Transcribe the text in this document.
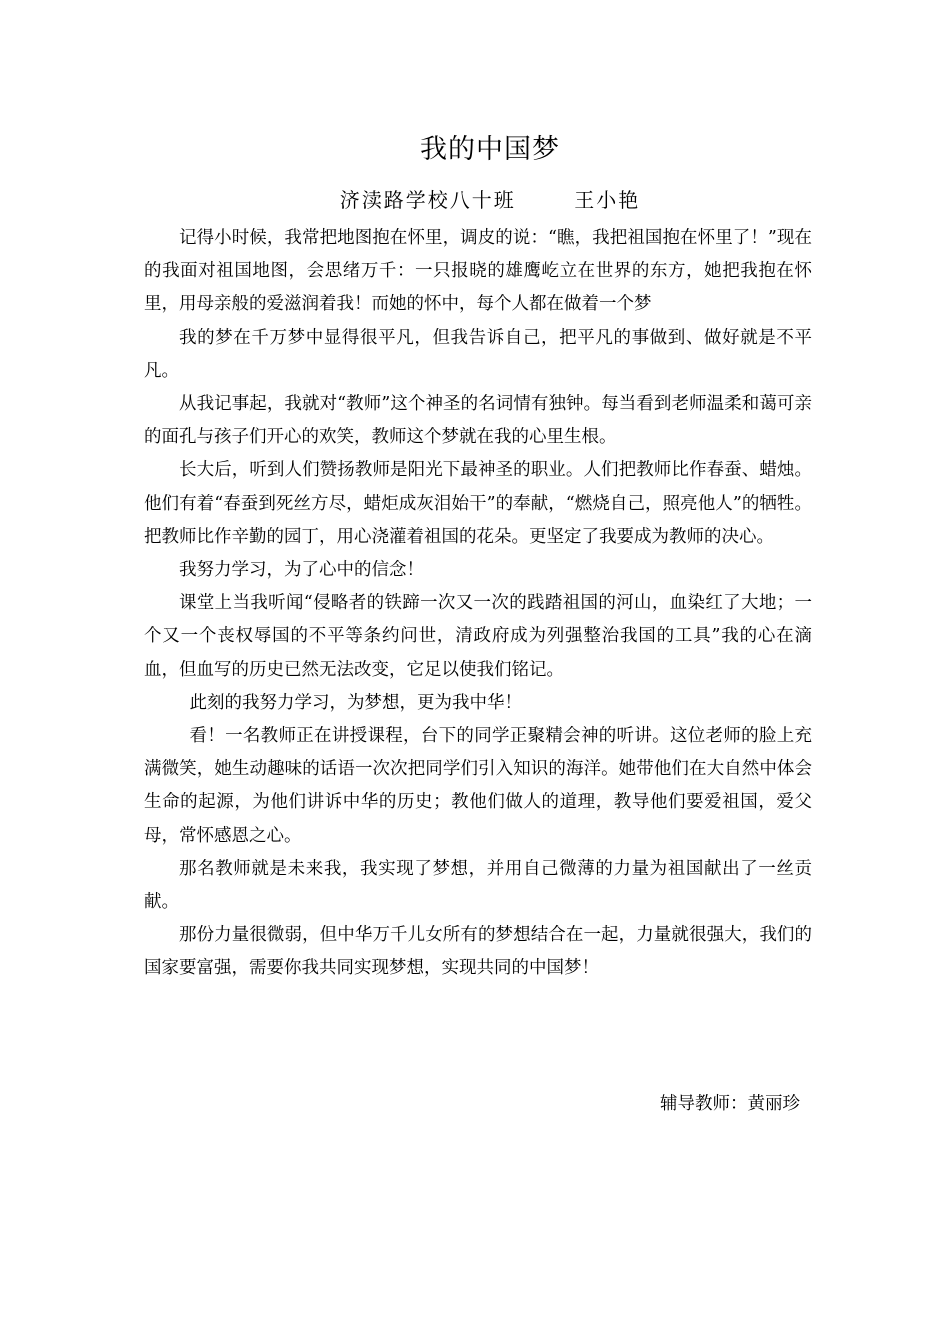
我的中国梦
济渎路学校八十班       王小艳

记得小时候，我常把地图抱在怀里，调皮的说：“瞧，我把祖国抱在怀里了！”现在的我面对祖国地图，会思绪万千：一只报晓的雄鹰屹立在世界的东方，她把我抱在怀里，用母亲般的爱滋润着我！而她的怀中，每个人都在做着一个梦

我的梦在千万梦中显得很平凡，但我告诉自己，把平凡的事做到、做好就是不平凡。

从我记事起，我就对“教师”这个神圣的名词情有独钟。每当看到老师温柔和蔼可亲的面孔与孩子们开心的欢笑，教师这个梦就在我的心里生根。

长大后，听到人们赞扬教师是阳光下最神圣的职业。人们把教师比作春蚕、蜡烛。他们有着“春蚕到死丝方尽，蜡炬成灰泪始干”的奉献，“燃烧自己，照亮他人”的牺牲。把教师比作辛勤的园丁，用心浇灌着祖国的花朵。更坚定了我要成为教师的决心。

我努力学习，为了心中的信念！

课堂上当我听闻“侵略者的铁蹄一次又一次的践踏祖国的河山，血染红了大地；一个又一个丧权辱国的不平等条约问世，清政府成为列强整治我国的工具”我的心在滴血，但血写的历史已然无法改变，它足以使我们铭记。

此刻的我努力学习，为梦想，更为我中华！

看！一名教师正在讲授课程，台下的同学正聚精会神的听讲。这位老师的脸上充满微笑，她生动趣味的话语一次次把同学们引入知识的海洋。她带他们在大自然中体会生命的起源，为他们讲诉中华的历史；教他们做人的道理，教导他们要爱祖国，爱父母，常怀感恩之心。

那名教师就是未来我，我实现了梦想，并用自己微薄的力量为祖国献出了一丝贡献。

那份力量很微弱，但中华万千儿女所有的梦想结合在一起，力量就很强大，我们的国家要富强，需要你我共同实现梦想，实现共同的中国梦！

辅导教师：黄丽珍
